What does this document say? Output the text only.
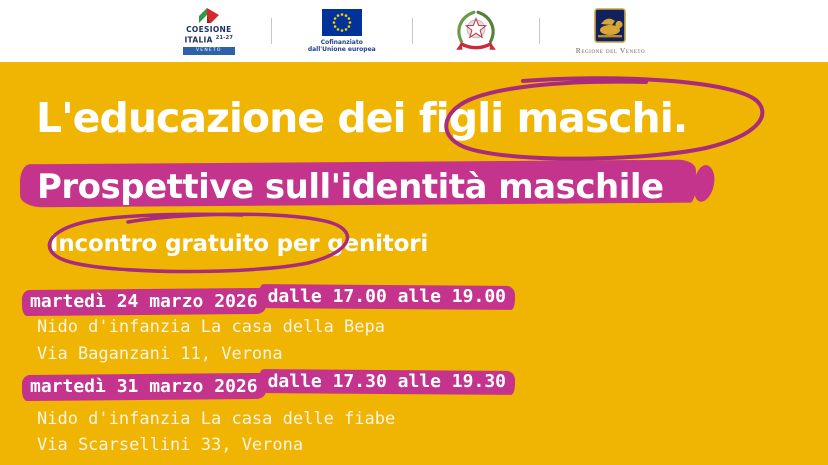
COESIONE
ITALIA $^{21-27}$
VENETO
Cofinanziato
dall'Unione europea	Regione del Veneto
L'educazione dei figli maschi.
Prospettive sull'identità maschile
Incontro gratuito per genitori
martedì 24 marzo 2026 dalle 17.00 alle 19.00
Nido d'infanzia La casa della Bepa
Via Baganzani 11, Verona
martedì 31 marzo 2026 dalle 17.30 alle 19.30
Nido d'infanzia La casa delle fiabe
Via Scarsellini 33, Verona
